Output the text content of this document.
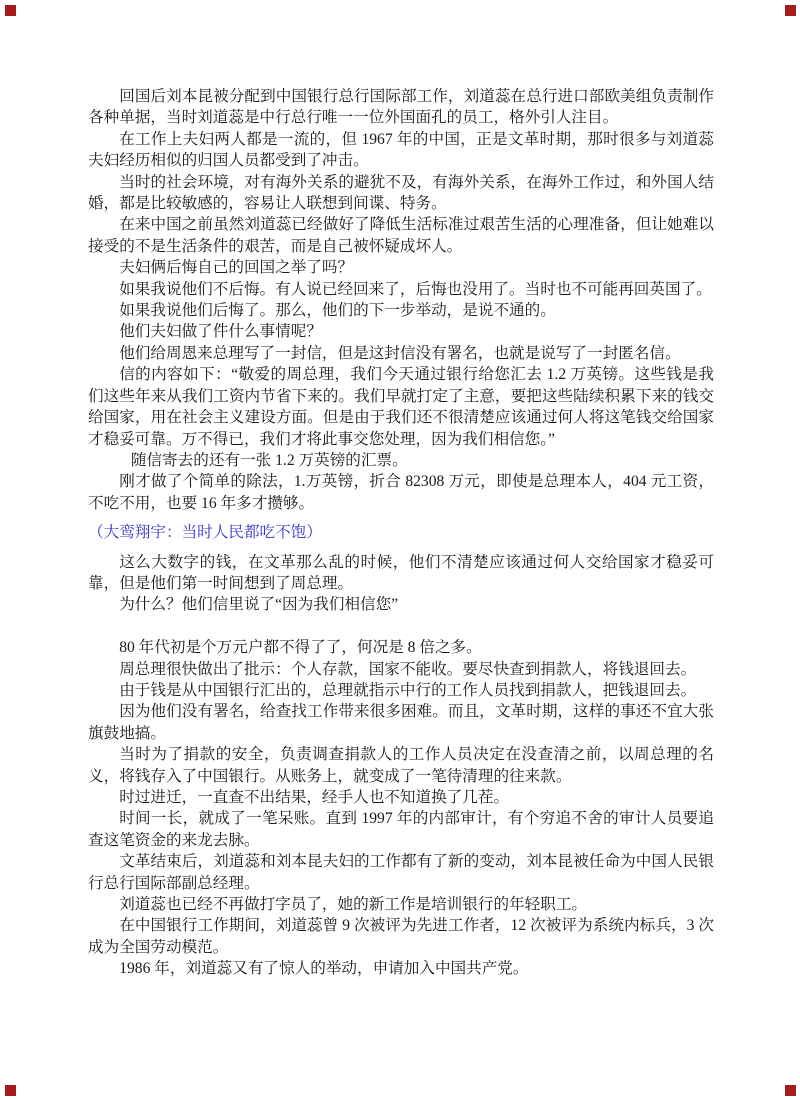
回国后刘本昆被分配到中国银行总行国际部工作，刘道蕊在总行进口部欧美组负责制作各种单据，当时刘道蕊是中行总行唯一一位外国面孔的员工，格外引人注目。

在工作上夫妇两人都是一流的，但 1967 年的中国，正是文革时期，那时很多与刘道蕊夫妇经历相似的归国人员都受到了冲击。

当时的社会环境，对有海外关系的避犹不及，有海外关系，在海外工作过，和外国人结婚，都是比较敏感的，容易让人联想到间谍、特务。

在来中国之前虽然刘道蕊已经做好了降低生活标准过艰苦生活的心理准备，但让她难以接受的不是生活条件的艰苦，而是自己被怀疑成坏人。

夫妇俩后悔自己的回国之举了吗？

如果我说他们不后悔。有人说已经回来了，后悔也没用了。当时也不可能再回英国了。

如果我说他们后悔了。那么，他们的下一步举动，是说不通的。

他们夫妇做了件什么事情呢？

他们给周恩来总理写了一封信，但是这封信没有署名，也就是说写了一封匿名信。

信的内容如下：“敬爱的周总理，我们今天通过银行给您汇去 1.2 万英镑。这些钱是我们这些年来从我们工资内节省下来的。我们早就打定了主意，要把这些陆续积累下来的钱交给国家，用在社会主义建设方面。但是由于我们还不很清楚应该通过何人将这笔钱交给国家才稳妥可靠。万不得已，我们才将此事交您处理，因为我们相信您。”

随信寄去的还有一张 1.2 万英镑的汇票。

刚才做了个简单的除法，1.万英镑，折合 82308 万元，即使是总理本人，404 元工资，不吃不用，也要 16 年多才攒够。

（大鸾翔宇：当时人民都吃不饱）

这么大数字的钱，在文革那么乱的时候，他们不清楚应该通过何人交给国家才稳妥可靠，但是他们第一时间想到了周总理。

为什么？他们信里说了“因为我们相信您”

80 年代初是个万元户都不得了了，何况是 8 倍之多。

周总理很快做出了批示：个人存款，国家不能收。要尽快查到捐款人，将钱退回去。

由于钱是从中国银行汇出的，总理就指示中行的工作人员找到捐款人，把钱退回去。

因为他们没有署名，给查找工作带来很多困难。而且，文革时期，这样的事还不宜大张旗鼓地搞。

当时为了捐款的安全，负责调查捐款人的工作人员决定在没查清之前，以周总理的名义，将钱存入了中国银行。从账务上，就变成了一笔待清理的往来款。

时过进迁，一直查不出结果，经手人也不知道换了几茬。

时间一长，就成了一笔呆账。直到 1997 年的内部审计，有个穷追不舍的审计人员要追查这笔资金的来龙去脉。

文革结束后，刘道蕊和刘本昆夫妇的工作都有了新的变动，刘本昆被任命为中国人民银行总行国际部副总经理。

刘道蕊也已经不再做打字员了，她的新工作是培训银行的年轻职工。

在中国银行工作期间，刘道蕊曾 9 次被评为先进工作者，12 次被评为系统内标兵，3 次成为全国劳动模范。

1986 年，刘道蕊又有了惊人的举动，申请加入中国共产党。
